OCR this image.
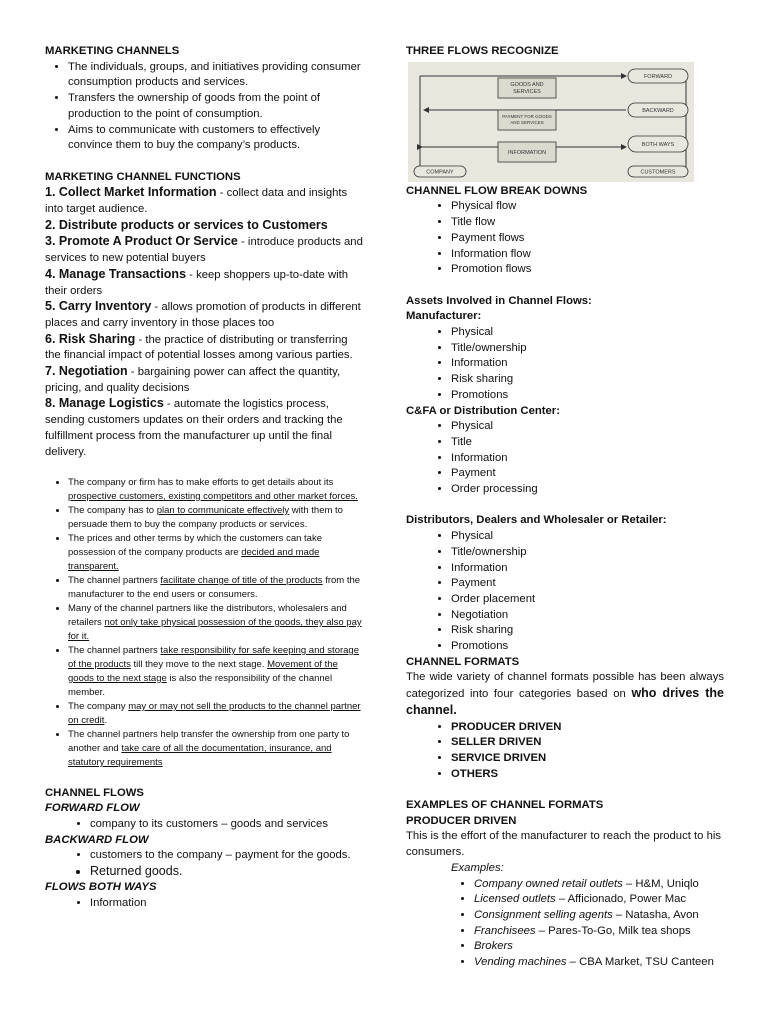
MARKETING CHANNELS

• The individuals, groups, and initiatives providing consumer consumption products and services.
• Transfers the ownership of goods from the point of production to the point of consumption.
• Aims to communicate with customers to effectively convince them to buy the company’s products.

MARKETING CHANNEL FUNCTIONS

1. Collect Market Information - collect data and insights into target audience.

2. Distribute products or services to Customers

3. Promote A Product Or Service - introduce products and services to new potential buyers

4. Manage Transactions - keep shoppers up-to-date with their orders

5. Carry Inventory - allows promotion of products in different places and carry inventory in those places too

6. Risk Sharing - the practice of distributing or transferring the financial impact of potential losses among various parties.

7. Negotiation - bargaining power can affect the quantity, pricing, and quality decisions

8. Manage Logistics - automate the logistics process, sending customers updates on their orders and tracking the fulfillment process from the manufacturer up until the final delivery.

• The company or firm has to make efforts to get details about its prospective customers, existing competitors and other market forces.
• The company has to plan to communicate effectively with them to persuade them to buy the company products or services.
• The prices and other terms by which the customers can take possession of the company products are decided and made transparent.
• The channel partners facilitate change of title of the products from the manufacturer to the end users or consumers.
• Many of the channel partners like the distributors, wholesalers and retailers not only take physical possession of the goods, they also pay for it.
• The channel partners take responsibility for safe keeping and storage of the products till they move to the next stage. Movement of the goods to the next stage is also the responsibility of the channel member.
• The company may or may not sell the products to the channel partner on credit.
• The channel partners help transfer the ownership from one party to another and take care of all the documentation, insurance, and statutory requirements

CHANNEL FLOWS

FORWARD FLOW

• company to its customers – goods and services

BACKWARD FLOW

• customers to the company – payment for the goods.
• Returned goods.

FLOWS BOTH WAYS

• Information

THREE FLOWS RECOGNIZE

GOODS AND
SERVICES
PAYMENT FOR GOODS
AND SERVICES
INFORMATION
FORWARD
BACKWARD
BOTH WAYS
COMPANY	CUSTOMERS

CHANNEL FLOW BREAK DOWNS

• Physical flow
• Title flow
• Payment flows
• Information flow
• Promotion flows

Assets Involved in Channel Flows:

Manufacturer:

• Physical
• Title/ownership
• Information
• Risk sharing
• Promotions

C&FA or Distribution Center:

• Physical
• Title
• Information
• Payment
• Order processing

Distributors, Dealers and Wholesaler or Retailer:

• Physical
• Title/ownership
• Information
• Payment
• Order placement
• Negotiation
• Risk sharing
• Promotions

CHANNEL FORMATS

The wide variety of channel formats possible has been always categorized into four categories based on who drives the channel.

• PRODUCER DRIVEN
• SELLER DRIVEN
• SERVICE DRIVEN
• OTHERS

EXAMPLES OF CHANNEL FORMATS

PRODUCER DRIVEN

This is the effort of the manufacturer to reach the product to his consumers.

Examples:

• Company owned retail outlets – H&M, Uniqlo
• Licensed outlets – Afficionado, Power Mac
• Consignment selling agents – Natasha, Avon
• Franchisees – Pares-To-Go, Milk tea shops
• Brokers
• Vending machines – CBA Market, TSU Canteen
